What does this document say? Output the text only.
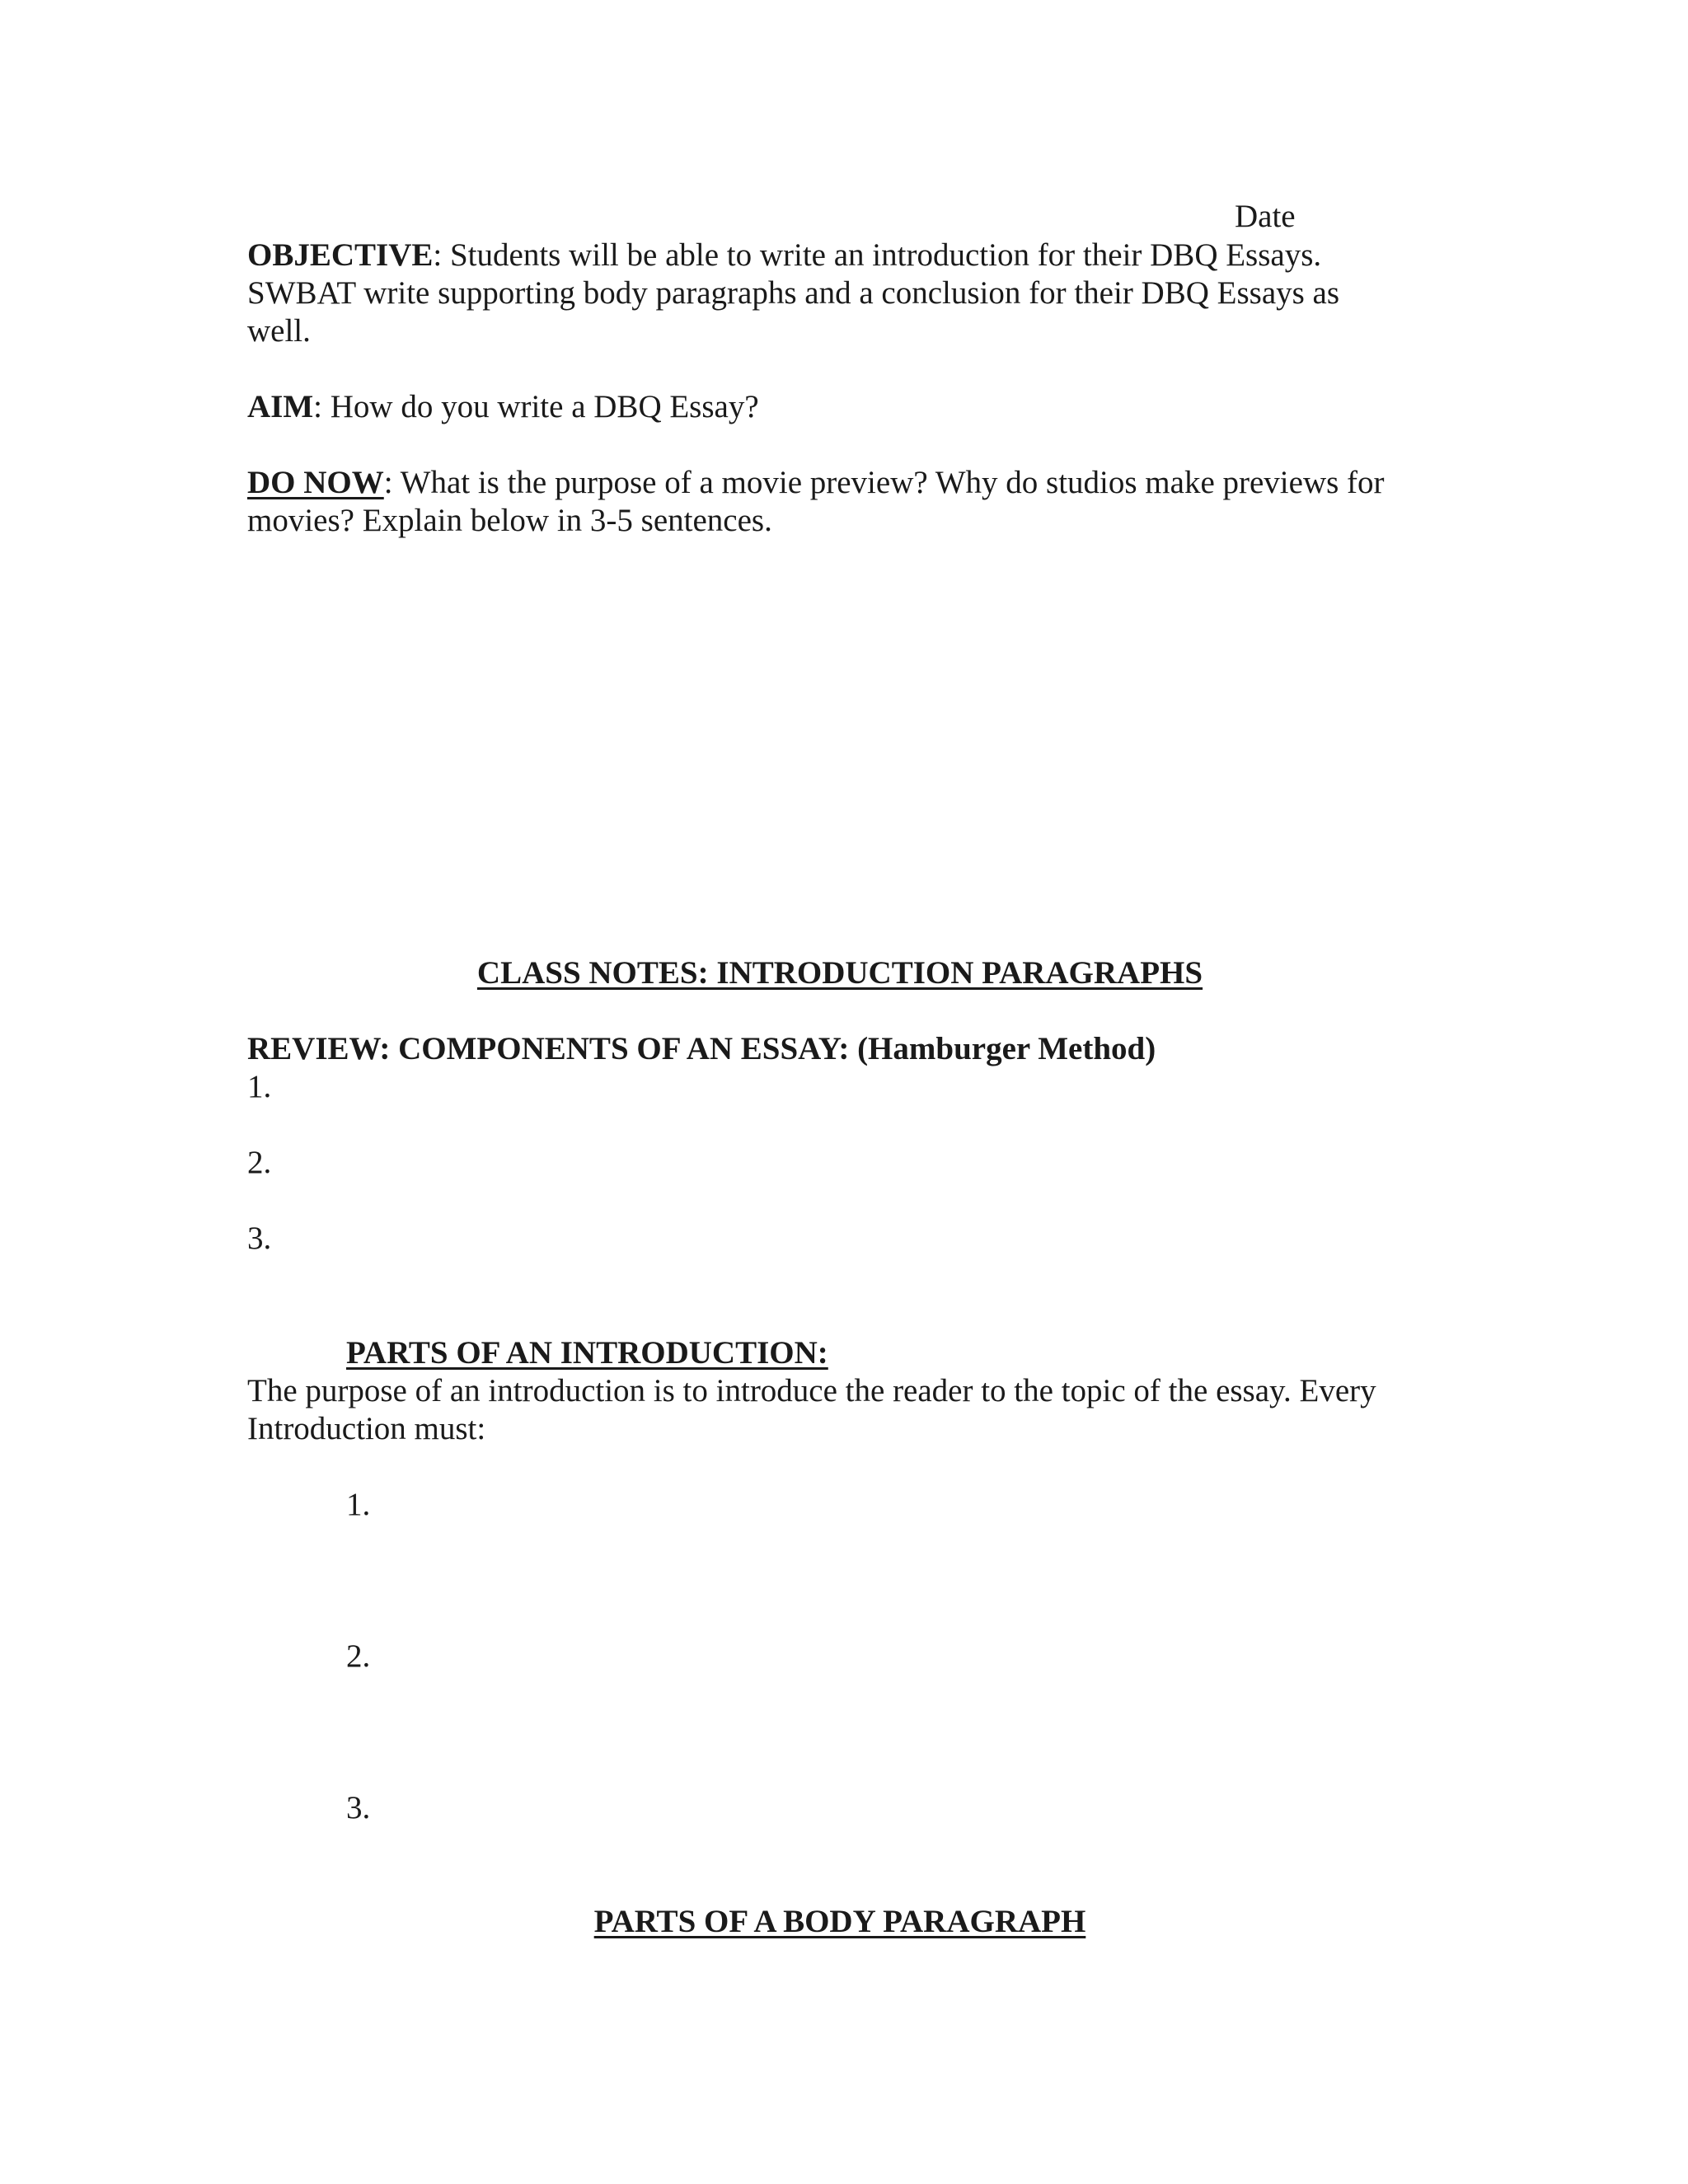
Date
OBJECTIVE: Students will be able to write an introduction for their DBQ Essays.
SWBAT write supporting body paragraphs and a conclusion for their DBQ Essays as
well.
AIM: How do you write a DBQ Essay?
DO NOW: What is the purpose of a movie preview? Why do studios make previews for
movies? Explain below in 3-5 sentences.
CLASS NOTES: INTRODUCTION PARAGRAPHS
REVIEW: COMPONENTS OF AN ESSAY: (Hamburger Method)
1.
2.
3.
PARTS OF AN INTRODUCTION:
The purpose of an introduction is to introduce the reader to the topic of the essay. Every
Introduction must:
1.
2.
3.
PARTS OF A BODY PARAGRAPH
